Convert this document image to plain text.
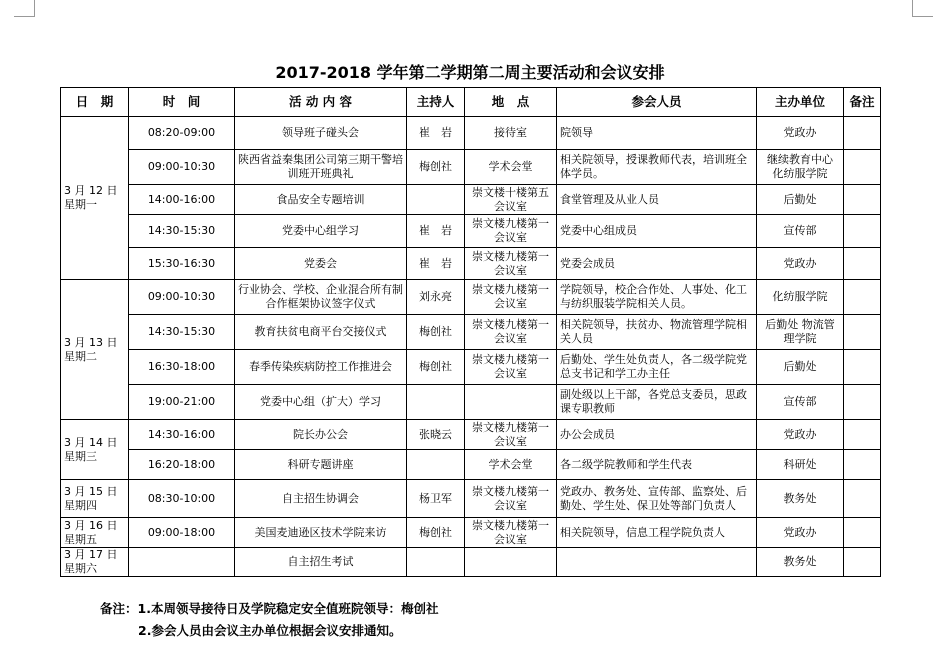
2017-2018 学年第二学期第二周主要活动和会议安排
日　期	时　间	活 动 内 容	主持人	地　点	参会人员	主办单位	备注
3 月 12 日
星期一	08:20-09:00	领导班子碰头会	崔　岩	接待室	院领导	党政办	
	09:00-10:30	陕西省益秦集团公司第三期干警培训班开班典礼	梅创社	学术会堂	相关院领导，授课教师代表，培训班全体学员。	继续教育中心 化纺服学院	
	14:00-16:00	食品安全专题培训		崇文楼十楼第五会议室	食堂管理及从业人员	后勤处	
	14:30-15:30	党委中心组学习	崔　岩	崇文楼九楼第一会议室	党委中心组成员	宣传部	
	15:30-16:30	党委会	崔　岩	崇文楼九楼第一会议室	党委会成员	党政办	
3 月 13 日
星期二	09:00-10:30	行业协会、学校、企业混合所有制合作框架协议签字仪式	刘永亮	崇文楼九楼第一会议室	学院领导，校企合作处、人事处、化工与纺织服装学院相关人员。	化纺服学院	
	14:30-15:30	教育扶贫电商平台交接仪式	梅创社	崇文楼九楼第一会议室	相关院领导，扶贫办、物流管理学院相关人员	后勤处 物流管理学院	
	16:30-18:00	春季传染疾病防控工作推进会	梅创社	崇文楼九楼第一会议室	后勤处、学生处负责人，各二级学院党总支书记和学工办主任	后勤处	
	19:00-21:00	党委中心组（扩大）学习			副处级以上干部，各党总支委员，思政课专职教师	宣传部	
3 月 14 日
星期三	14:30-16:00	院长办公会	张晓云	崇文楼九楼第一会议室	办公会成员	党政办	
	16:20-18:00	科研专题讲座		学术会堂	各二级学院教师和学生代表	科研处	
3 月 15 日
星期四	08:30-10:00	自主招生协调会	杨卫军	崇文楼九楼第一会议室	党政办、教务处、宣传部、监察处、后勤处、学生处、保卫处等部门负责人	教务处	
3 月 16 日
星期五	09:00-18:00	美国麦迪逊区技术学院来访	梅创社	崇文楼九楼第一会议室	相关院领导，信息工程学院负责人	党政办	
3 月 17 日
星期六		自主招生考试				教务处	
备注：1.本周领导接待日及学院稳定安全值班院领导：梅创社
2.参会人员由会议主办单位根据会议安排通知。
